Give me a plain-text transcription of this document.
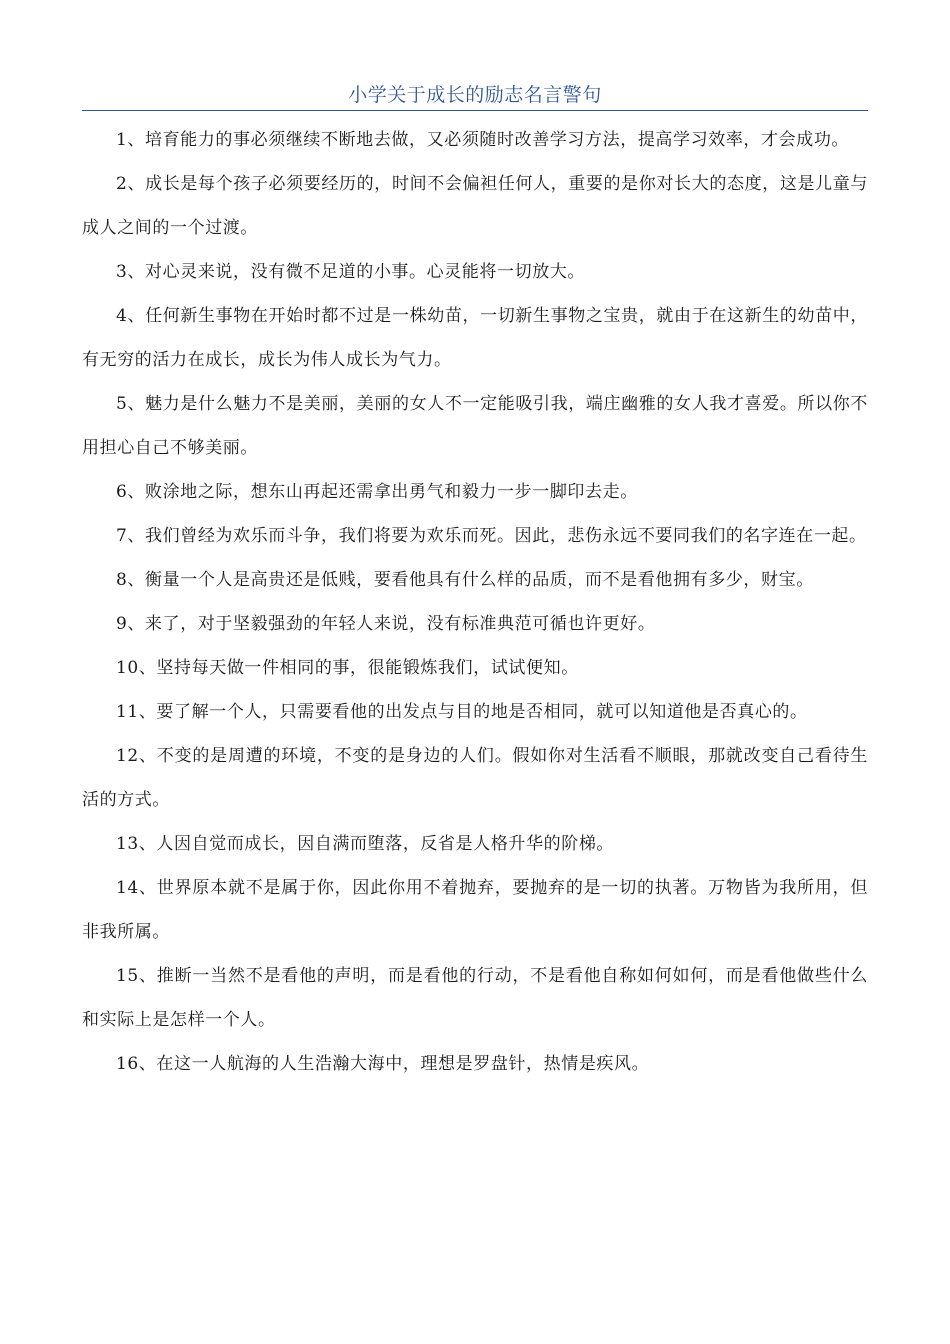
小学关于成长的励志名言警句

1、培育能力的事必须继续不断地去做，又必须随时改善学习方法，提高学习效率，才会成功。

2、成长是每个孩子必须要经历的，时间不会偏袒任何人，重要的是你对长大的态度，这是儿童与成人之间的一个过渡。

3、对心灵来说，没有微不足道的小事。心灵能将一切放大。

4、任何新生事物在开始时都不过是一株幼苗，一切新生事物之宝贵，就由于在这新生的幼苗中，有无穷的活力在成长，成长为伟人成长为气力。

5、魅力是什么魅力不是美丽，美丽的女人不一定能吸引我，端庄幽雅的女人我才喜爱。所以你不用担心自己不够美丽。

6、败涂地之际，想东山再起还需拿出勇气和毅力一步一脚印去走。

7、我们曾经为欢乐而斗争，我们将要为欢乐而死。因此，悲伤永远不要同我们的名字连在一起。

8、衡量一个人是高贵还是低贱，要看他具有什么样的品质，而不是看他拥有多少，财宝。

9、来了，对于坚毅强劲的年轻人来说，没有标准典范可循也许更好。

10、坚持每天做一件相同的事，很能锻炼我们，试试便知。

11、要了解一个人，只需要看他的出发点与目的地是否相同，就可以知道他是否真心的。

12、不变的是周遭的环境，不变的是身边的人们。假如你对生活看不顺眼，那就改变自己看待生活的方式。

13、人因自觉而成长，因自满而堕落，反省是人格升华的阶梯。

14、世界原本就不是属于你，因此你用不着抛弃，要抛弃的是一切的执著。万物皆为我所用，但非我所属。

15、推断一当然不是看他的声明，而是看他的行动，不是看他自称如何如何，而是看他做些什么和实际上是怎样一个人。

16、在这一人航海的人生浩瀚大海中，理想是罗盘针，热情是疾风。
